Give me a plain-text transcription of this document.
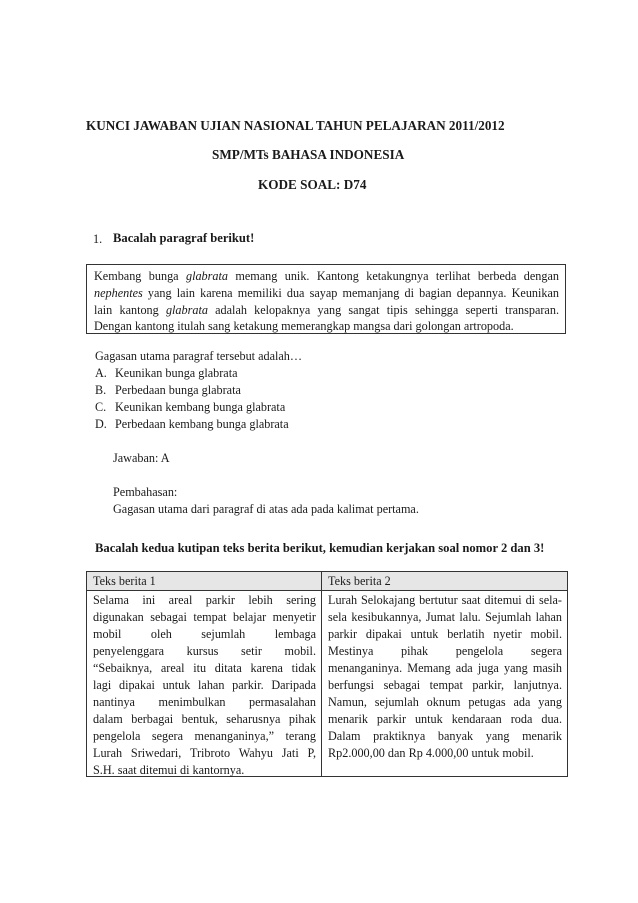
KUNCI JAWABAN UJIAN NASIONAL TAHUN PELAJARAN 2011/2012
SMP/MTs BAHASA INDONESIA
KODE SOAL: D74
1. Bacalah paragraf berikut!
Kembang bunga glabrata memang unik. Kantong ketakungnya terlihat berbeda dengan
nephentes yang lain karena memiliki dua sayap memanjang di bagian depannya. Keunikan
lain kantong glabrata adalah kelopaknya yang sangat tipis sehingga seperti transparan.
Dengan kantong itulah sang ketakung memerangkap mangsa dari golongan artropoda.
Gagasan utama paragraf tersebut adalah…
A. Keunikan bunga glabrata
B. Perbedaan bunga glabrata
C. Keunikan kembang bunga glabrata
D. Perbedaan kembang bunga glabrata
Jawaban: A
Pembahasan:
Gagasan utama dari paragraf di atas ada pada kalimat pertama.
Bacalah kedua kutipan teks berita berikut, kemudian kerjakan soal nomor 2 dan 3!
Teks berita 1	Teks berita 2
Selama ini areal parkir lebih sering
digunakan sebagai tempat belajar menyetir
mobil oleh sejumlah lembaga
penyelenggara kursus setir mobil.
“Sebaiknya, areal itu ditata karena tidak
lagi dipakai untuk lahan parkir. Daripada
nantinya menimbulkan permasalahan
dalam berbagai bentuk, seharusnya pihak
pengelola segera menanganinya,” terang
Lurah Sriwedari, Tribroto Wahyu Jati P,
S.H. saat ditemui di kantornya.
Lurah Selokajang bertutur saat ditemui di sela-
sela kesibukannya, Jumat lalu. Sejumlah lahan
parkir dipakai untuk berlatih nyetir mobil.
Mestinya pihak pengelola segera
menanganinya. Memang ada juga yang masih
berfungsi sebagai tempat parkir, lanjutnya.
Namun, sejumlah oknum petugas ada yang
menarik parkir untuk kendaraan roda dua.
Dalam praktiknya banyak yang menarik
Rp2.000,00 dan Rp 4.000,00 untuk mobil.
